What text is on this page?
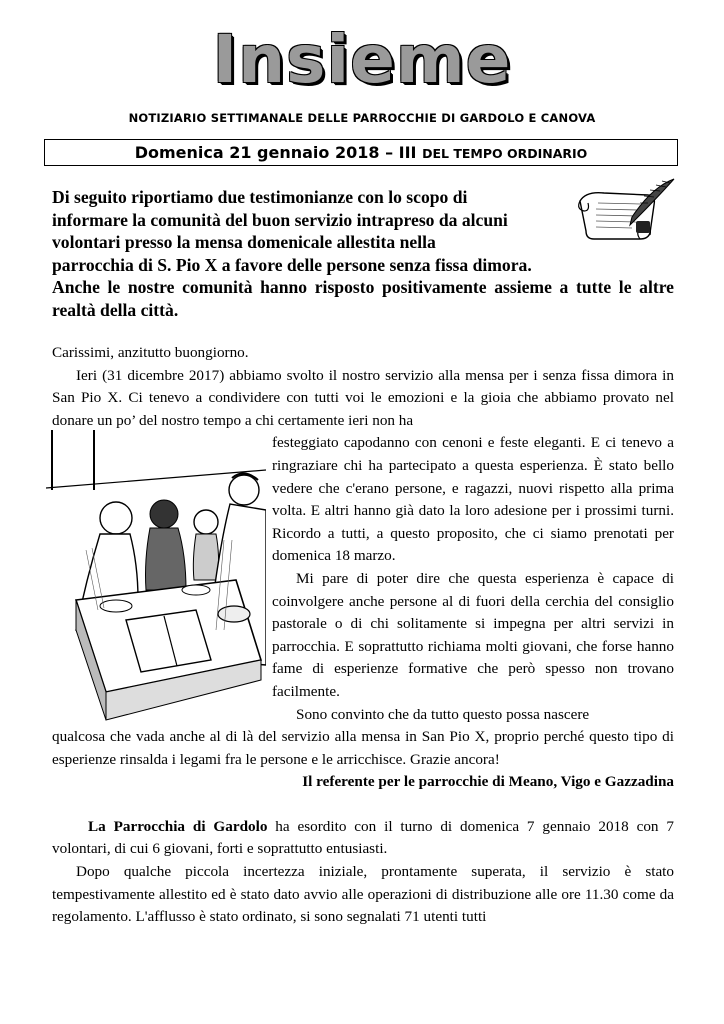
Insieme
NOTIZIARIO SETTIMANALE DELLE PARROCCHIE DI GARDOLO E CANOVA
Domenica 21 gennaio 2018 – III DEL TEMPO ORDINARIO

Di seguito riportiamo due testimonianze con lo scopo di

informare la comunità del buon servizio intrapreso da alcuni

volontari presso la mensa domenicale allestita nella

parrocchia di S. Pio X a favore delle persone senza fissa dimora.

Anche le nostre comunità hanno risposto positivamente assieme a tutte le altre realtà della città.

Carissimi, anzitutto buongiorno.

Ieri (31 dicembre 2017) abbiamo svolto il nostro servizio alla mensa per i senza fissa dimora in San Pio X. Ci tenevo a condividere con tutti voi le emozioni e la gioia che abbiamo provato nel donare un po’ del nostro tempo a chi certamente ieri non ha

festeggiato capodanno con cenoni e feste eleganti. E ci tenevo a ringraziare chi ha partecipato a questa esperienza. È stato bello vedere che c'erano persone, e ragazzi, nuovi rispetto alla prima volta. E altri hanno già dato la loro adesione per i prossimi turni. Ricordo a tutti, a questo proposito, che ci siamo prenotati per domenica 18 marzo.

Mi pare di poter dire che questa esperienza è capace di coinvolgere anche persone al di fuori della cerchia del consiglio pastorale o di chi solitamente si impegna per altri servizi in parrocchia. E soprattutto richiama molti giovani, che forse hanno fame di esperienze formative che però spesso non trovano facilmente.

Sono convinto che da tutto questo possa nascere

qualcosa che vada anche al di là del servizio alla mensa in San Pio X, proprio perché questo tipo di esperienze rinsalda i legami fra le persone e le arricchisce. Grazie ancora!

Il referente per le parrocchie di Meano, Vigo e Gazzadina

La Parrocchia di Gardolo ha esordito con il turno di domenica 7 gennaio 2018 con 7 volontari, di cui 6 giovani, forti e soprattutto entusiasti.

Dopo qualche piccola incertezza iniziale, prontamente superata, il servizio è stato tempestivamente allestito ed è stato dato avvio alle operazioni di distribuzione alle ore 11.30 come da regolamento. L'afflusso è stato ordinato, si sono segnalati 71 utenti tutti
